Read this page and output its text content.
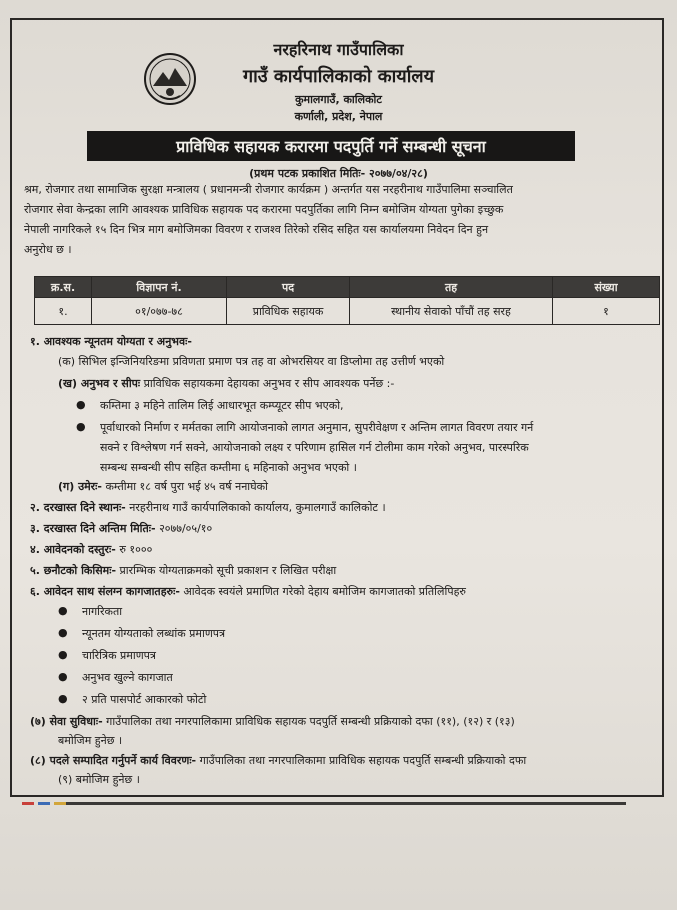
नरहरिनाथ गाउँपालिका
गाउँ कार्यपालिकाको कार्यालय
कुमालगाउँ, कालिकोट
कर्णाली, प्रदेश, नेपाल
प्राविधिक सहायक करारमा पदपुर्ति गर्ने सम्बन्धी सूचना
(प्रथम पटक प्रकाशित मितिः- २०७७/०४/२८)
श्रम, रोजगार तथा सामाजिक सुरक्षा मन्त्रालय ( प्रधानमन्त्री रोजगार कार्यक्रम ) अन्तर्गत यस नरहरीनाथ गाउँपालिमा सञ्चालित
रोजगार सेवा केन्द्रका लागि आवश्यक प्राविधिक सहायक पद करारमा पदपुर्तिका लागि निम्न बमोजिम योग्यता पुगेका इच्छुक
नेपाली नागरिकले १५ दिन भित्र माग बमोजिमका विवरण र राजश्व तिरेको रसिद सहित यस कार्यालयमा निवेदन दिन हुन
अनुरोध छ ।
क्र.स.	विज्ञापन नं.	पद	तह	संख्या
१.	०१/०७७-७८	प्राविधिक सहायक	स्थानीय सेवाको पाँचौं तह सरह	१
१. आवश्यक न्यूनतम योग्यता र अनुभवः-
(क) सिभिल इन्जिनियरिङमा प्रविणता प्रमाण पत्र तह वा ओभरसियर वा डिप्लोमा तह उत्तीर्ण भएको
(ख) अनुभव र सीपः प्राविधिक सहायकमा देहायका अनुभव र सीप आवश्यक पर्नेछ :-
● कम्तिमा ३ महिने तालिम लिई आधारभूत कम्प्यूटर सीप भएको,
● पूर्वाधारको निर्माण र मर्मतका लागि आयोजनाको लागत अनुमान, सुपरीवेक्षण र अन्तिम लागत विवरण तयार गर्न
सक्ने र विश्लेषण गर्न सक्ने, आयोजनाको लक्ष्य र परिणाम हासिल गर्न टोलीमा काम गरेको अनुभव, पारस्परिक
सम्बन्ध सम्बन्धी सीप सहित कम्तीमा ६ महिनाको अनुभव भएको ।
(ग) उमेरः- कम्तीमा १८ वर्ष पुरा भई ४५ वर्ष ननाघेको
२. दरखास्त दिने स्थानः- नरहरीनाथ गाउँ कार्यपालिकाको कार्यालय, कुमालगाउँ कालिकोट ।
३. दरखास्त दिने अन्तिम मितिः- २०७७/०५/१०
४. आवेदनको दस्तुरः- रु १०००
५. छनौटको किसिमः- प्रारम्भिक योग्यताक्रमको सूची प्रकाशन र लिखित परीक्षा
६. आवेदन साथ संलग्न कागजातहरुः- आवेदक स्वयंले प्रमाणित गरेको देहाय बमोजिम कागजातको प्रतिलिपिहरु
● नागरिकता
● न्यूनतम योग्यताको लब्धांक प्रमाणपत्र
● चारित्रिक प्रमाणपत्र
● अनुभव खुल्ने कागजात
● २ प्रति पासपोर्ट आकारको फोटो
(७) सेवा सुविधाः- गाउँपालिका तथा नगरपालिकामा प्राविधिक सहायक पदपुर्ति सम्बन्धी प्रक्रियाको दफा (११), (१२) र (१३)
बमोजिम हुनेछ ।
(८) पदले सम्पादित गर्नुपर्ने कार्य विवरणः- गाउँपालिका तथा नगरपालिकामा प्राविधिक सहायक पदपुर्ति सम्बन्धी प्रक्रियाको दफा
(९) बमोजिम हुनेछ ।
